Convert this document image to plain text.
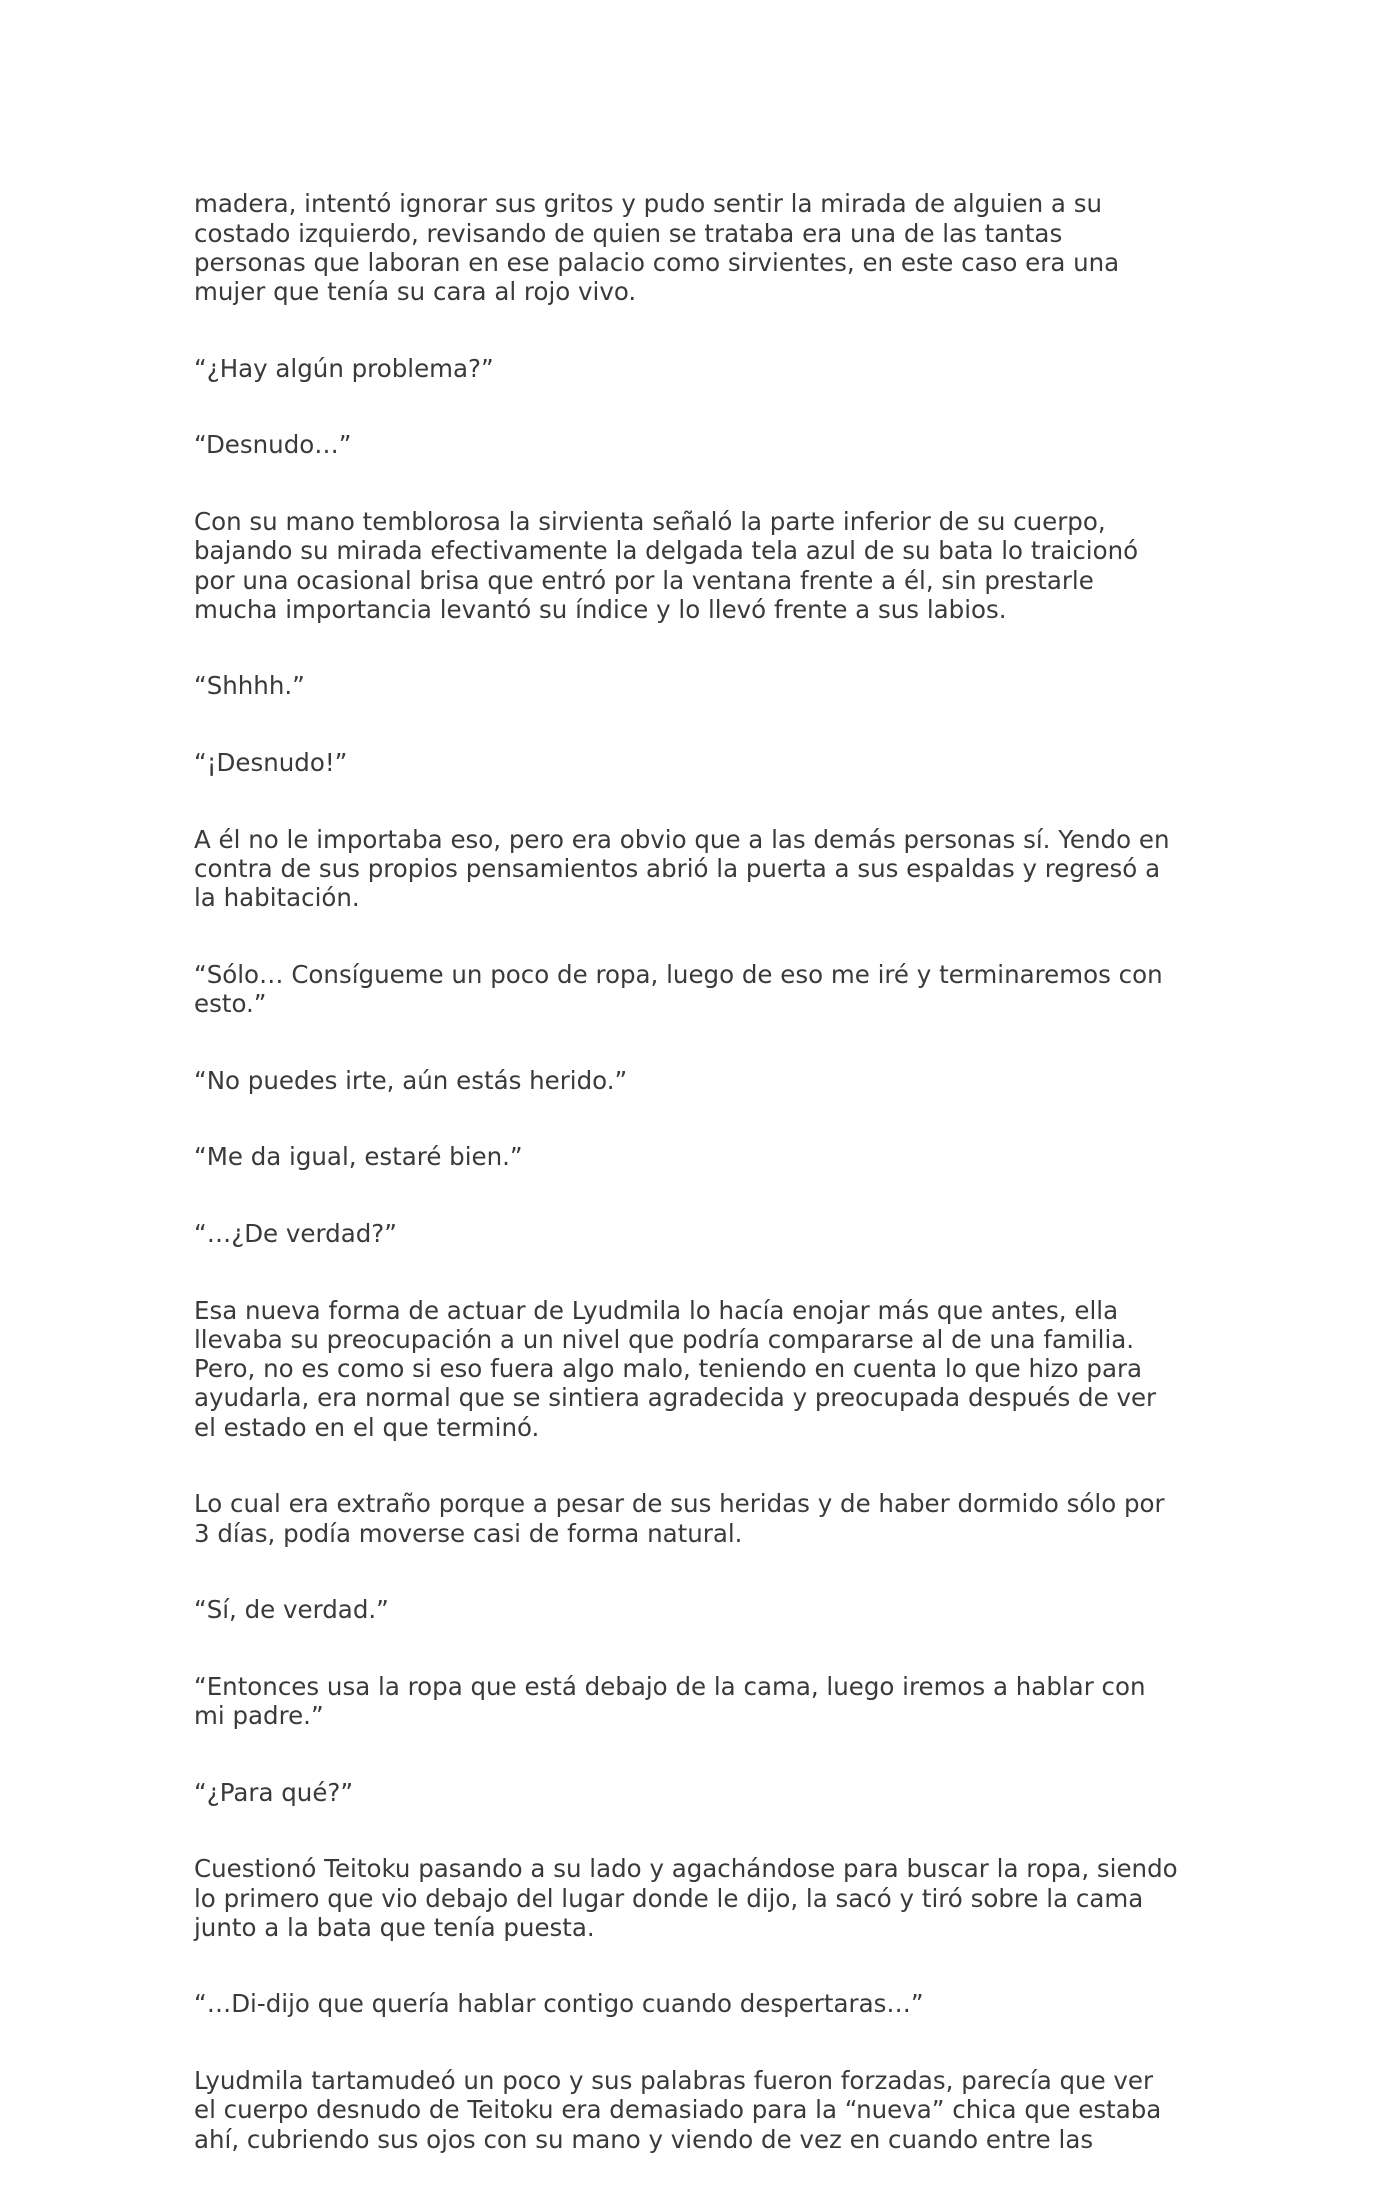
madera, intentó ignorar sus gritos y pudo sentir la mirada de alguien a su
costado izquierdo, revisando de quien se trataba era una de las tantas
personas que laboran en ese palacio como sirvientes, en este caso era una
mujer que tenía su cara al rojo vivo.

“¿Hay algún problema?”

“Desnudo…”

Con su mano temblorosa la sirvienta señaló la parte inferior de su cuerpo,
bajando su mirada efectivamente la delgada tela azul de su bata lo traicionó
por una ocasional brisa que entró por la ventana frente a él, sin prestarle
mucha importancia levantó su índice y lo llevó frente a sus labios.

“Shhhh.”

“¡Desnudo!”

A él no le importaba eso, pero era obvio que a las demás personas sí. Yendo en
contra de sus propios pensamientos abrió la puerta a sus espaldas y regresó a
la habitación.

“Sólo… Consígueme un poco de ropa, luego de eso me iré y terminaremos con
esto.”

“No puedes irte, aún estás herido.”

“Me da igual, estaré bien.”

“…¿De verdad?”

Esa nueva forma de actuar de Lyudmila lo hacía enojar más que antes, ella
llevaba su preocupación a un nivel que podría compararse al de una familia.
Pero, no es como si eso fuera algo malo, teniendo en cuenta lo que hizo para
ayudarla, era normal que se sintiera agradecida y preocupada después de ver
el estado en el que terminó.

Lo cual era extraño porque a pesar de sus heridas y de haber dormido sólo por
3 días, podía moverse casi de forma natural.

“Sí, de verdad.”

“Entonces usa la ropa que está debajo de la cama, luego iremos a hablar con
mi padre.”

“¿Para qué?”

Cuestionó Teitoku pasando a su lado y agachándose para buscar la ropa, siendo
lo primero que vio debajo del lugar donde le dijo, la sacó y tiró sobre la cama
junto a la bata que tenía puesta.

“…Di-dijo que quería hablar contigo cuando despertaras…”

Lyudmila tartamudeó un poco y sus palabras fueron forzadas, parecía que ver
el cuerpo desnudo de Teitoku era demasiado para la “nueva” chica que estaba
ahí, cubriendo sus ojos con su mano y viendo de vez en cuando entre las
